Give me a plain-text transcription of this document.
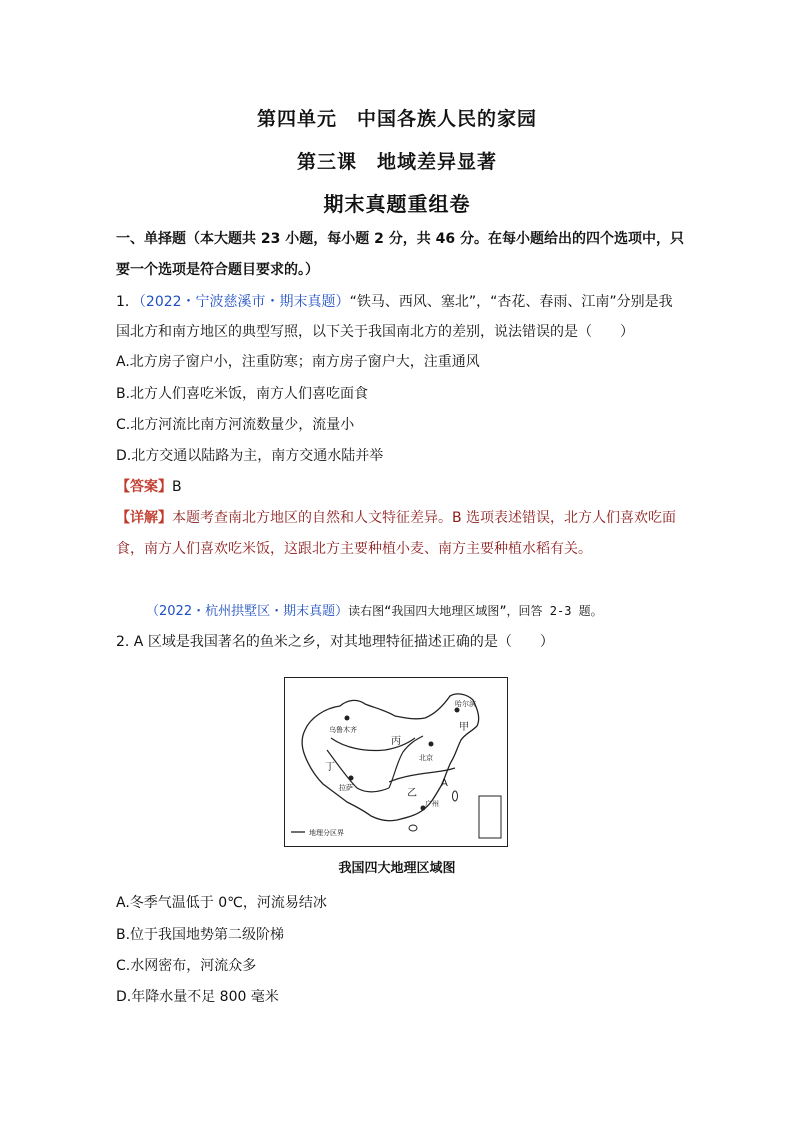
第四单元　中国各族人民的家园
第三课　地域差异显著
期末真题重组卷
一、单择题（本大题共 23 小题，每小题 2 分，共 46 分。在每小题给出的四个选项中，只
要一个选项是符合题目要求的。）
1．（2022・宁波慈溪市・期末真题）“铁马、西风、塞北”，“杏花、春雨、江南”分别是我
国北方和南方地区的典型写照，以下关于我国南北方的差别，说法错误的是（　　）
A.北方房子窗户小，注重防寒；南方房子窗户大，注重通风
B.北方人们喜吃米饭，南方人们喜吃面食
C.北方河流比南方河流数量少，流量小
D.北方交通以陆路为主，南方交通水陆并举
【答案】B
【详解】本题考查南北方地区的自然和人文特征差异。B 选项表述错误，北方人们喜欢吃面
食，南方人们喜欢吃米饭，这跟北方主要种植小麦、南方主要种植水稻有关。
（2022・杭州拱墅区・期末真题）读右图“我国四大地理区域图”，回答 2-3 题。
2. A 区域是我国著名的鱼米之乡，对其地理特征描述正确的是（　　）
乌鲁木齐
哈尔滨
北京
拉萨
广州
甲
乙
丙
丁
A
地理分区界
我国四大地理区域图
A.冬季气温低于 0℃，河流易结冰
B.位于我国地势第二级阶梯
C.水网密布，河流众多
D.年降水量不足 800 毫米
